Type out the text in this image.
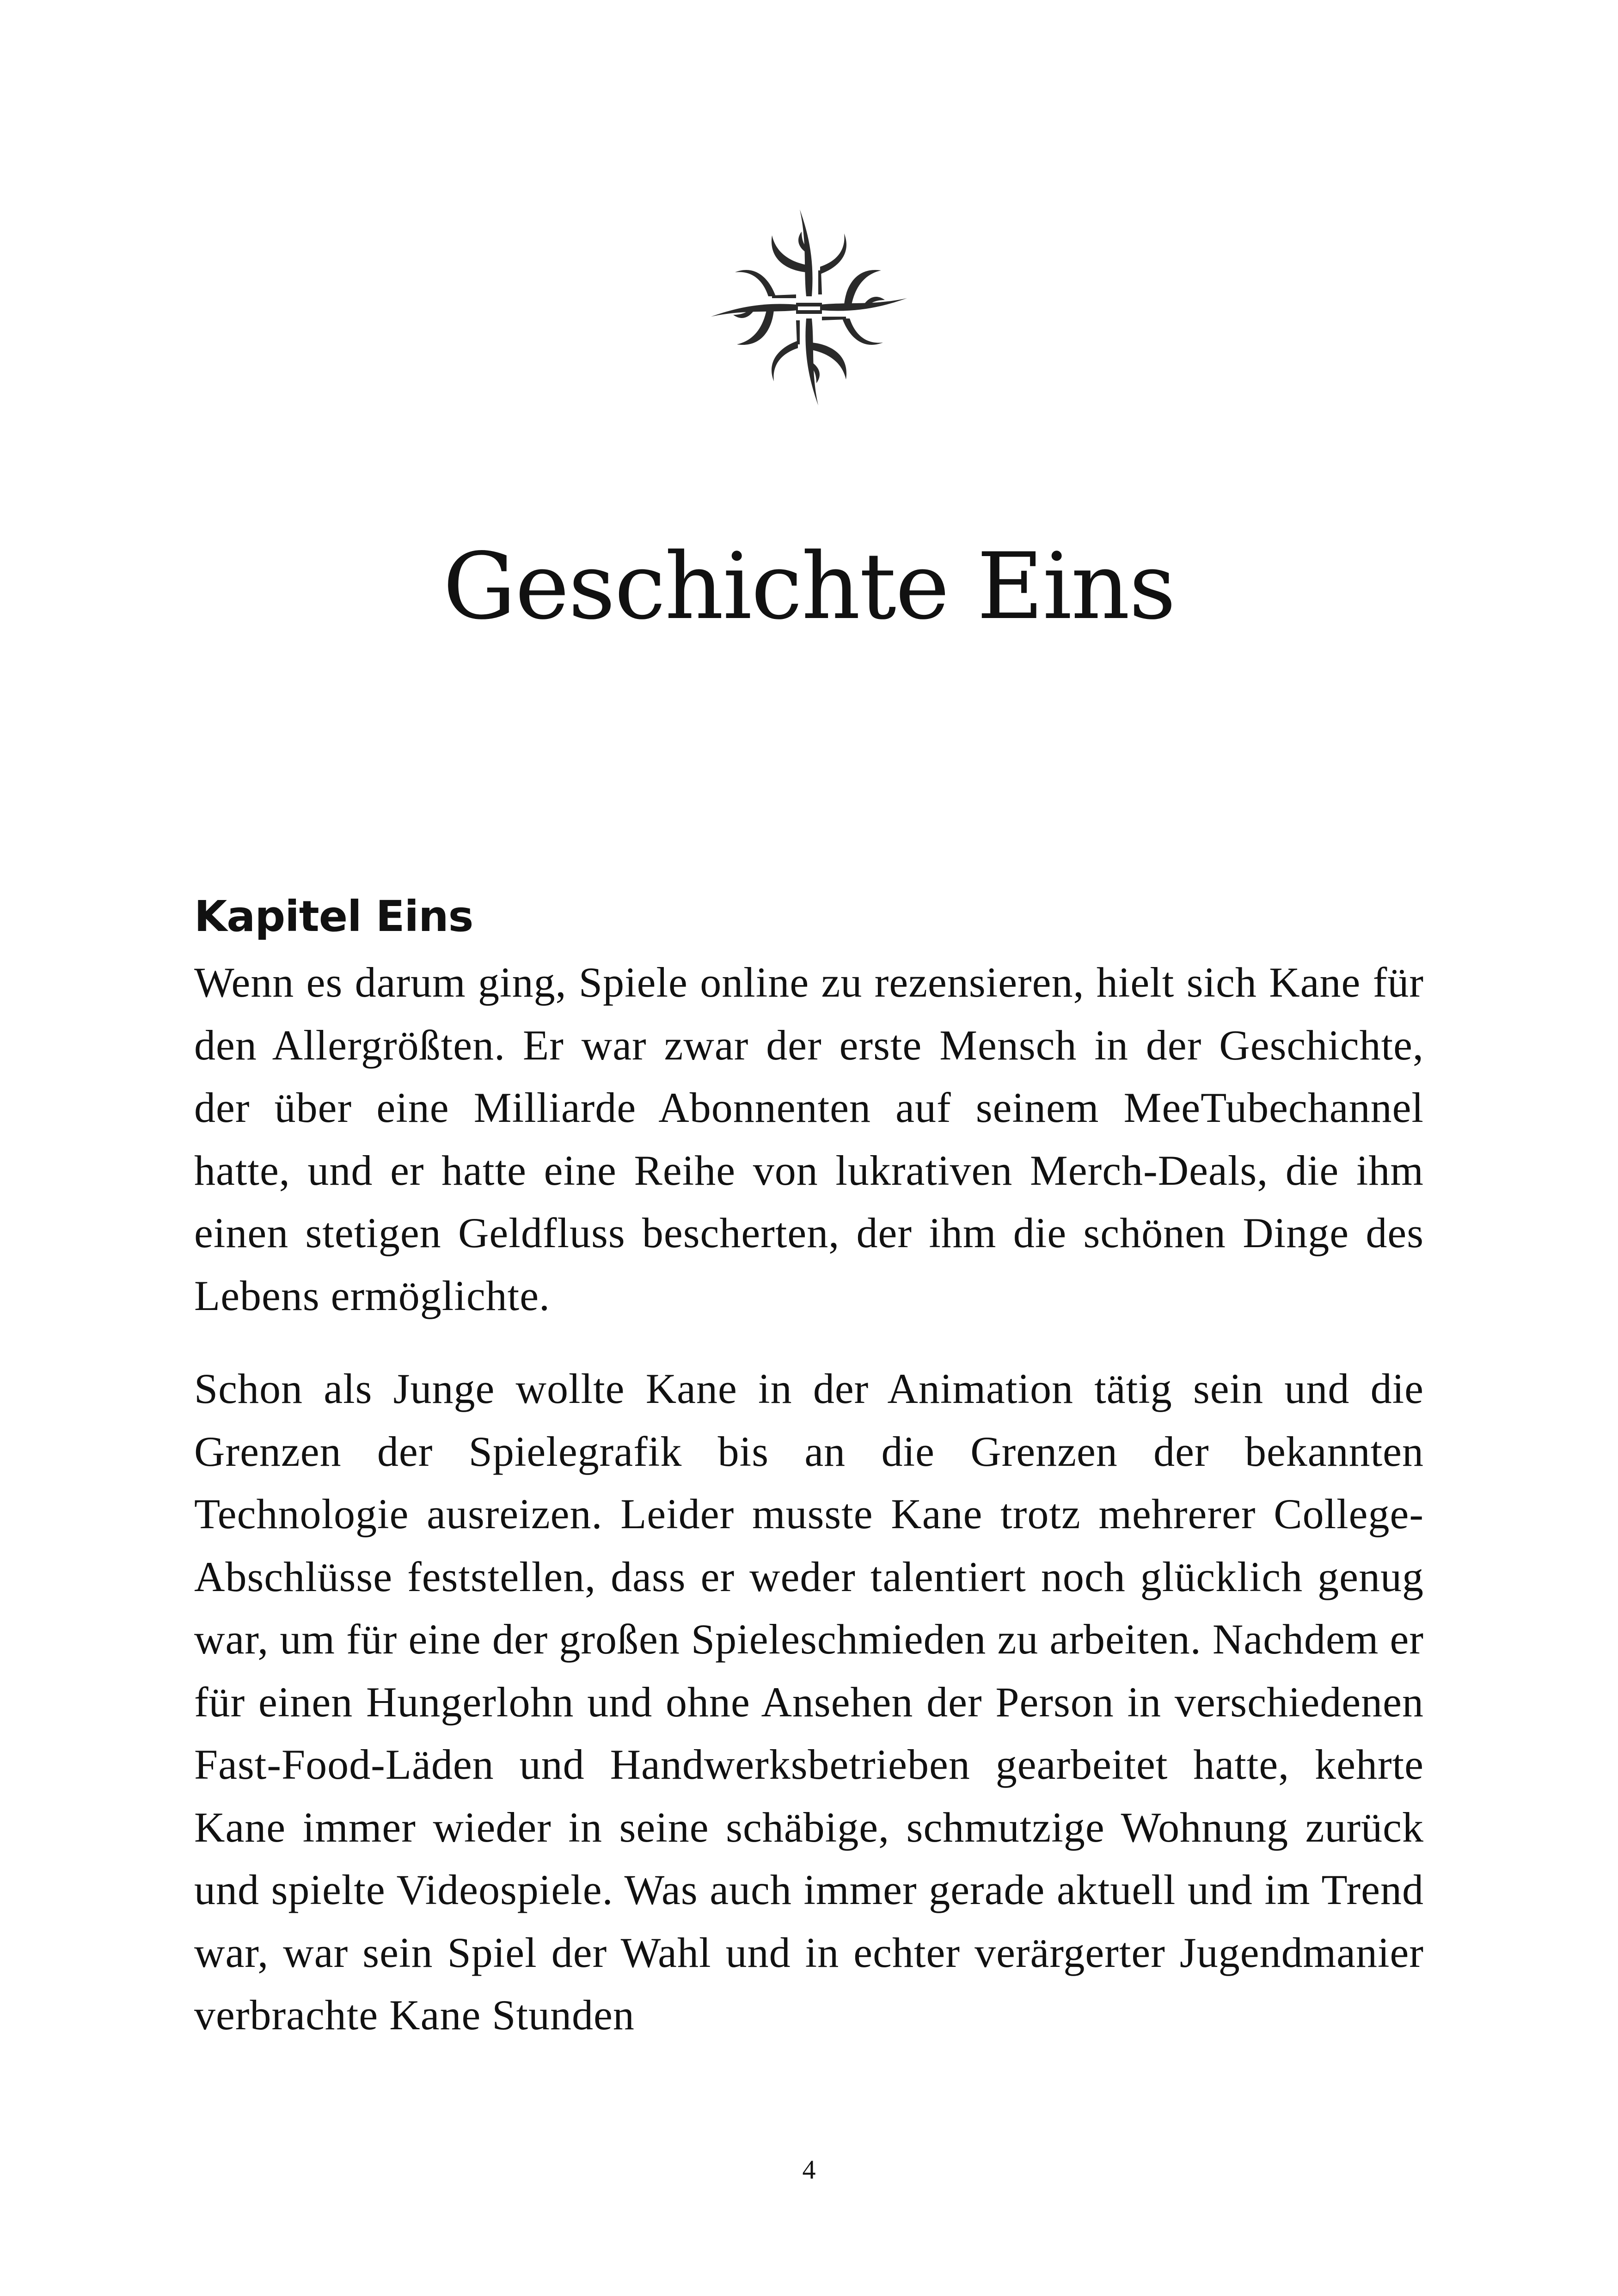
Geschichte Eins
Kapitel Eins

Wenn es darum ging, Spiele online zu rezensieren, hielt sich Kane für den Allergrößten. Er war zwar der erste Mensch in der Geschichte, der über eine Milliarde Abonnenten auf seinem MeeTubechannel hatte, und er hatte eine Reihe von lukrativen Merch-Deals, die ihm einen stetigen Geldfluss bescherten, der ihm die schönen Dinge des Lebens ermöglichte.

Schon als Junge wollte Kane in der Animation tätig sein und die Grenzen der Spielegrafik bis an die Grenzen der bekannten Technologie ausreizen. Leider musste Kane trotz mehrerer College-Abschlüsse feststellen, dass er weder talentiert noch glücklich genug war, um für eine der großen Spieleschmieden zu arbeiten. Nachdem er für einen Hungerlohn und ohne Ansehen der Person in verschiedenen Fast-Food-Läden und Handwerksbetrieben gearbeitet hatte, kehrte Kane immer wieder in seine schäbige, schmutzige Wohnung zurück und spielte Videospiele. Was auch immer gerade aktuell und im Trend war, war sein Spiel der Wahl und in echter verärgerter Jugendmanier verbrachte Kane Stunden

4
